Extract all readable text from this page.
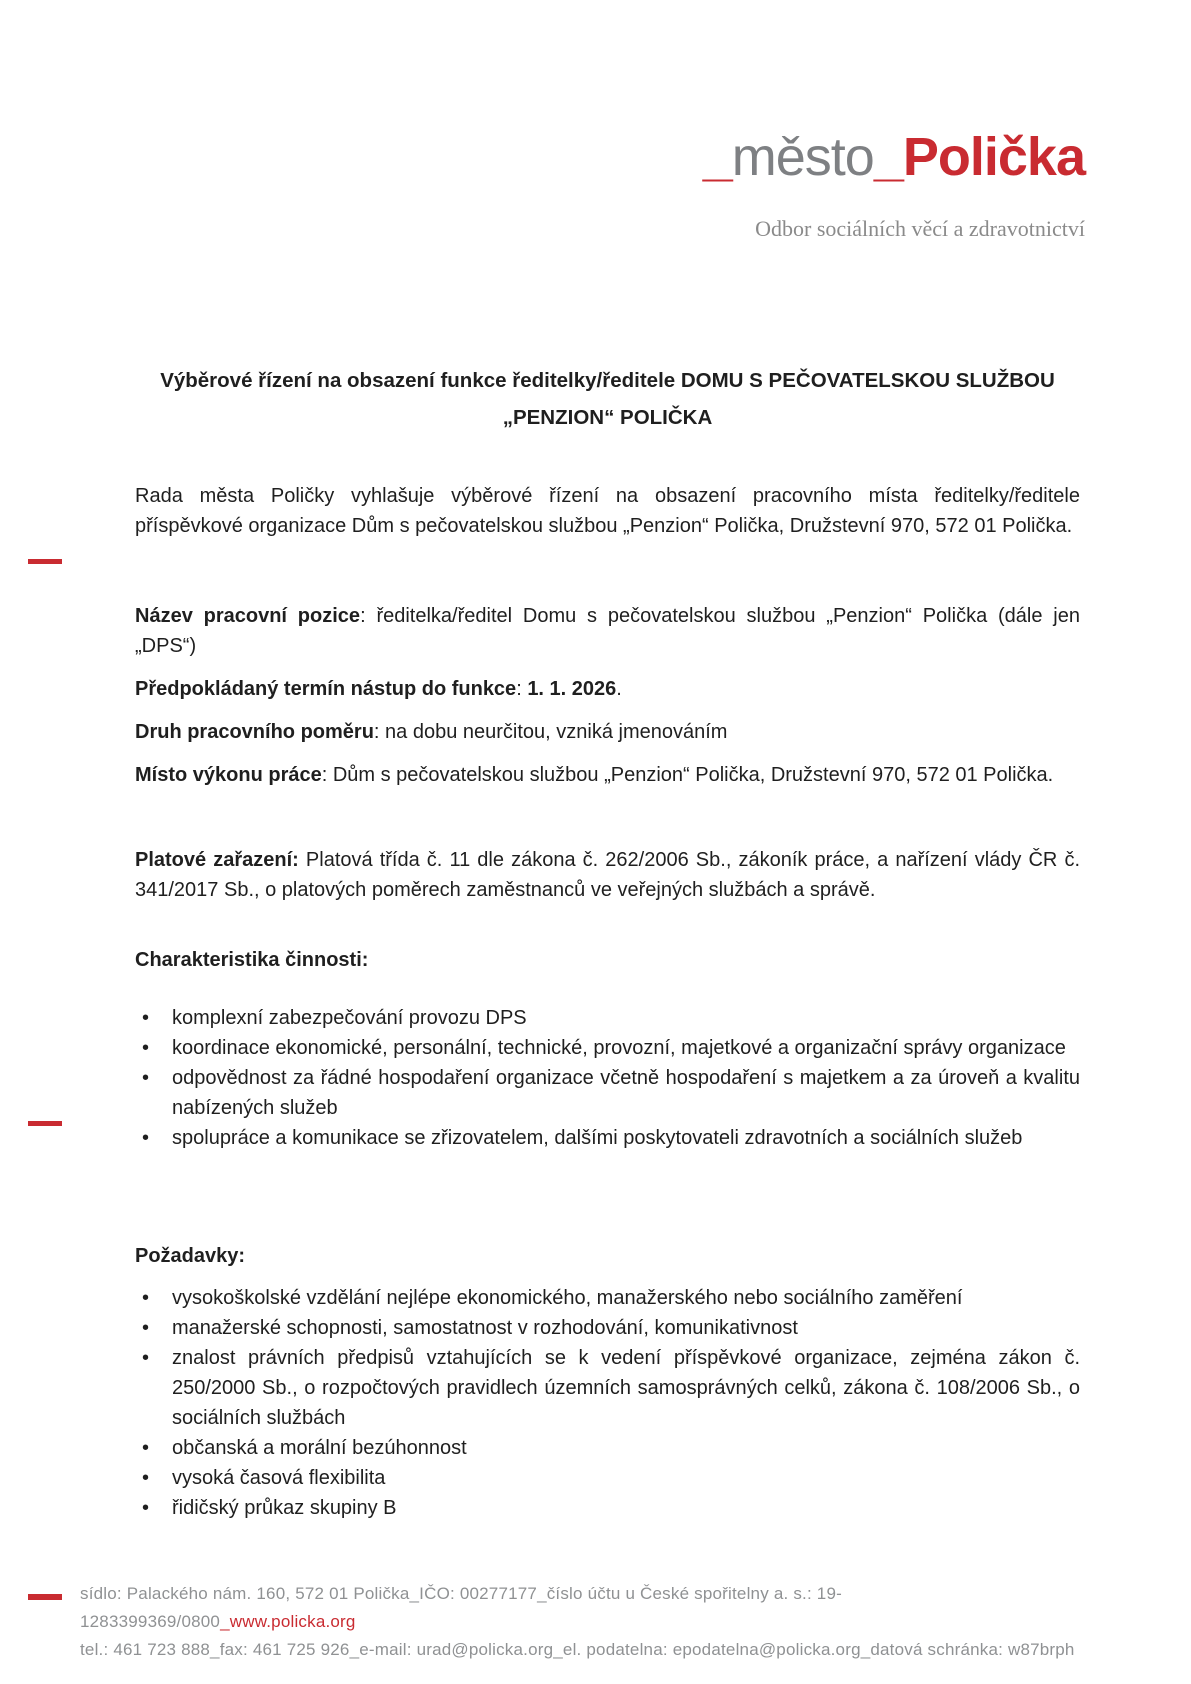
_město_Polička
Odbor sociálních věcí a zdravotnictví
Výběrové řízení na obsazení funkce ředitelky/ředitele DOMU S PEČOVATELSKOU SLUŽBOU
„PENZION“ POLIČKA

Rada města Poličky vyhlašuje výběrové řízení na obsazení pracovního místa ředitelky/ředitele příspěvkové organizace Dům s pečovatelskou službou „Penzion“ Polička, Družstevní 970, 572 01 Polička.

Název pracovní pozice: ředitelka/ředitel Domu s pečovatelskou službou „Penzion“ Polička (dále jen „DPS“)

Předpokládaný termín nástup do funkce: 1. 1. 2026.

Druh pracovního poměru: na dobu neurčitou, vzniká jmenováním

Místo výkonu práce: Dům s pečovatelskou službou „Penzion“ Polička, Družstevní 970, 572 01 Polička.

Platové zařazení: Platová třída č. 11 dle zákona č. 262/2006 Sb., zákoník práce, a nařízení vlády ČR č. 341/2017 Sb., o platových poměrech zaměstnanců ve veřejných službách a správě.

Charakteristika činnosti:
• komplexní zabezpečování provozu DPS
• koordinace ekonomické, personální, technické, provozní, majetkové a organizační správy organizace
• odpovědnost za řádné hospodaření organizace včetně hospodaření s majetkem a za úroveň a kvalitu nabízených služeb
• spolupráce a komunikace se zřizovatelem, dalšími poskytovateli zdravotních a sociálních služeb
Požadavky:
• vysokoškolské vzdělání nejlépe ekonomického, manažerského nebo sociálního zaměření
• manažerské schopnosti, samostatnost v rozhodování, komunikativnost
• znalost právních předpisů vztahujících se k vedení příspěvkové organizace, zejména zákon č. 250/2000 Sb., o rozpočtových pravidlech územních samosprávných celků, zákona č. 108/2006 Sb., o sociálních službách
• občanská a morální bezúhonnost
• vysoká časová flexibilita
• řidičský průkaz skupiny B
sídlo: Palackého nám. 160, 572 01 Polička_IČO: 00277177_číslo účtu u České spořitelny a. s.: 19-1283399369/0800_www.policka.org
tel.: 461 723 888_fax: 461 725 926_e-mail: urad@policka.org_el. podatelna: epodatelna@policka.org_datová schránka: w87brph
